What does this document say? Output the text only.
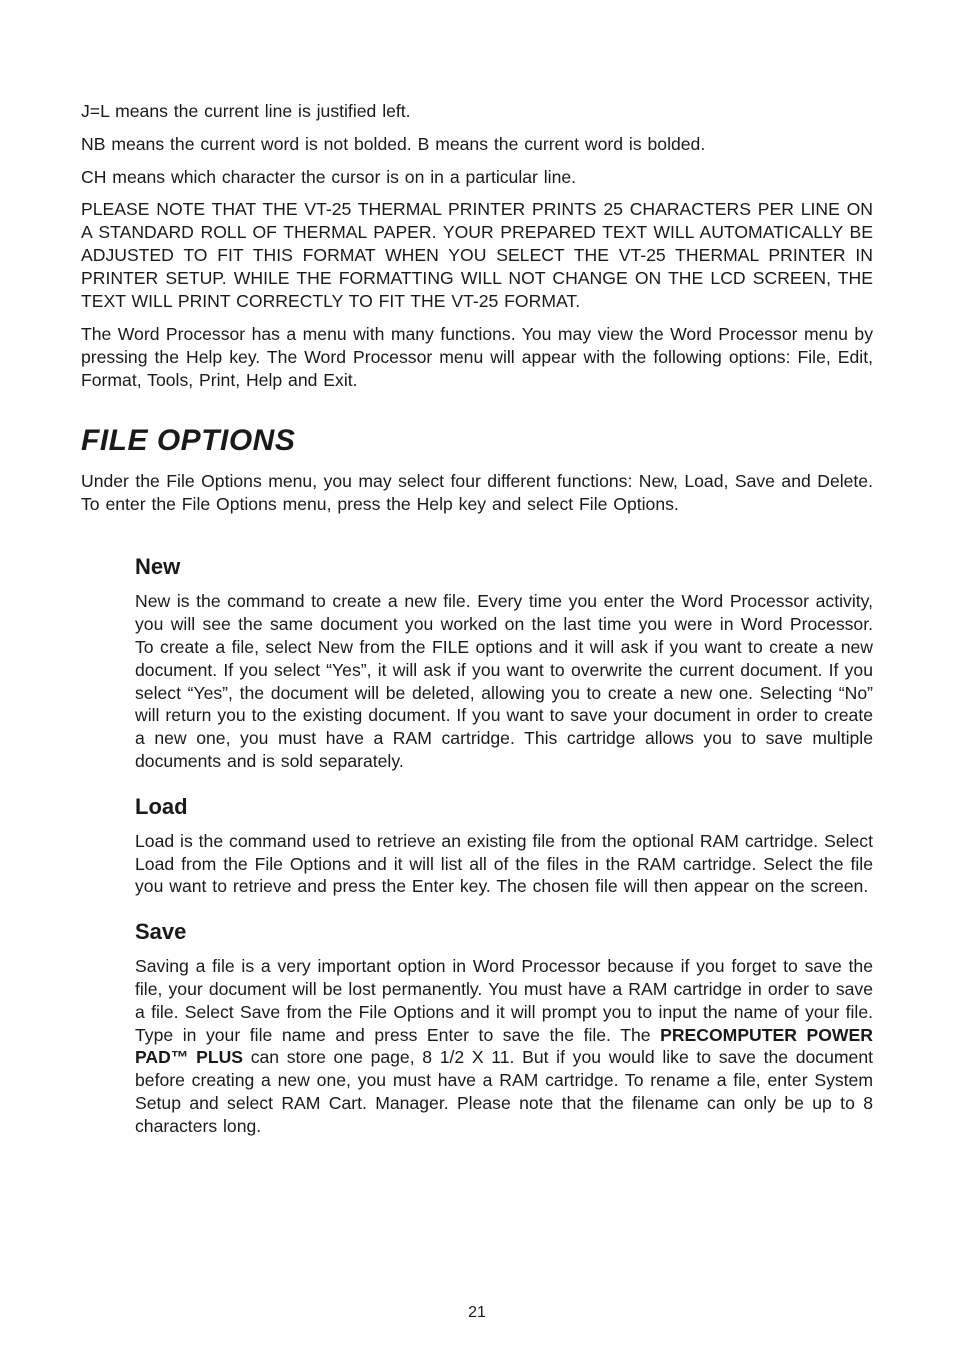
J=L means the current line is justified left.

NB means the current word is not bolded. B means the current word is bolded.

CH means which character the cursor is on in a particular line.

PLEASE NOTE THAT THE VT-25 THERMAL PRINTER PRINTS 25 CHARACTERS PER LINE ON A STANDARD ROLL OF THERMAL PAPER. YOUR PREPARED TEXT WILL AUTOMATICALLY BE ADJUSTED TO FIT THIS FORMAT WHEN YOU SELECT THE VT-25 THERMAL PRINTER IN PRINTER SETUP. WHILE THE FORMATTING WILL NOT CHANGE ON THE LCD SCREEN, THE TEXT WILL PRINT CORRECTLY TO FIT THE VT-25 FORMAT.

The Word Processor has a menu with many functions. You may view the Word Processor menu by pressing the Help key. The Word Processor menu will appear with the following options: File, Edit, Format, Tools, Print, Help and Exit.

FILE OPTIONS

Under the File Options menu, you may select four different functions: New, Load, Save and Delete. To enter the File Options menu, press the Help key and select File Options.

New

New is the command to create a new file. Every time you enter the Word Processor activity, you will see the same document you worked on the last time you were in Word Processor. To create a file, select New from the FILE options and it will ask if you want to create a new document. If you select “Yes”, it will ask if you want to overwrite the current document. If you select “Yes”, the document will be deleted, allowing you to create a new one. Selecting “No” will return you to the existing document. If you want to save your document in order to create a new one, you must have a RAM cartridge. This cartridge allows you to save multiple documents and is sold separately.

Load

Load is the command used to retrieve an existing file from the optional RAM cartridge. Select Load from the File Options and it will list all of the files in the RAM cartridge. Select the file you want to retrieve and press the Enter key. The chosen file will then appear on the screen.

Save

Saving a file is a very important option in Word Processor because if you forget to save the file, your document will be lost permanently. You must have a RAM cartridge in order to save a file. Select Save from the File Options and it will prompt you to input the name of your file. Type in your file name and press Enter to save the file. The PRECOMPUTER POWER PAD™ PLUS can store one page, 8 1/2 X 11. But if you would like to save the document before creating a new one, you must have a RAM cartridge. To rename a file, enter System Setup and select RAM Cart. Manager. Please note that the filename can only be up to 8 characters long.

21
